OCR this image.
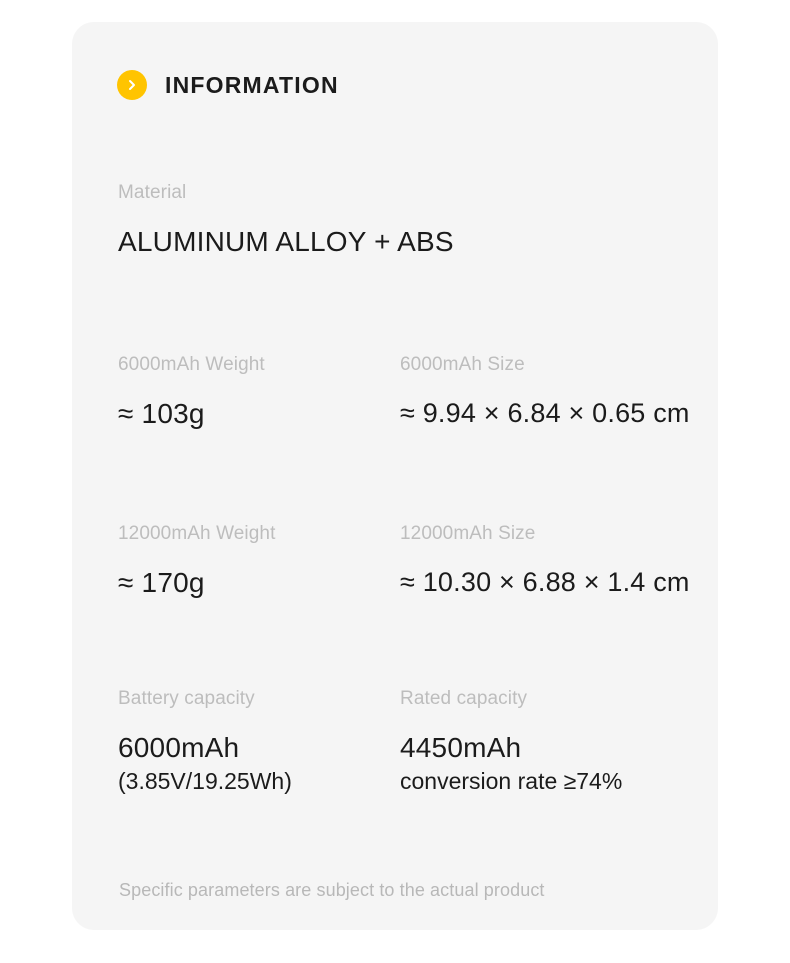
INFORMATION
Material
ALUMINUM ALLOY + ABS
6000mAh Weight
≈ 103g
6000mAh Size
≈ 9.94 × 6.84 × 0.65 cm
12000mAh Weight
≈ 170g
12000mAh Size
≈ 10.30 × 6.88 × 1.4 cm
Battery capacity
6000mAh
(3.85V/19.25Wh)
Rated capacity
4450mAh
conversion rate ≥74%
Specific parameters are subject to the actual product
